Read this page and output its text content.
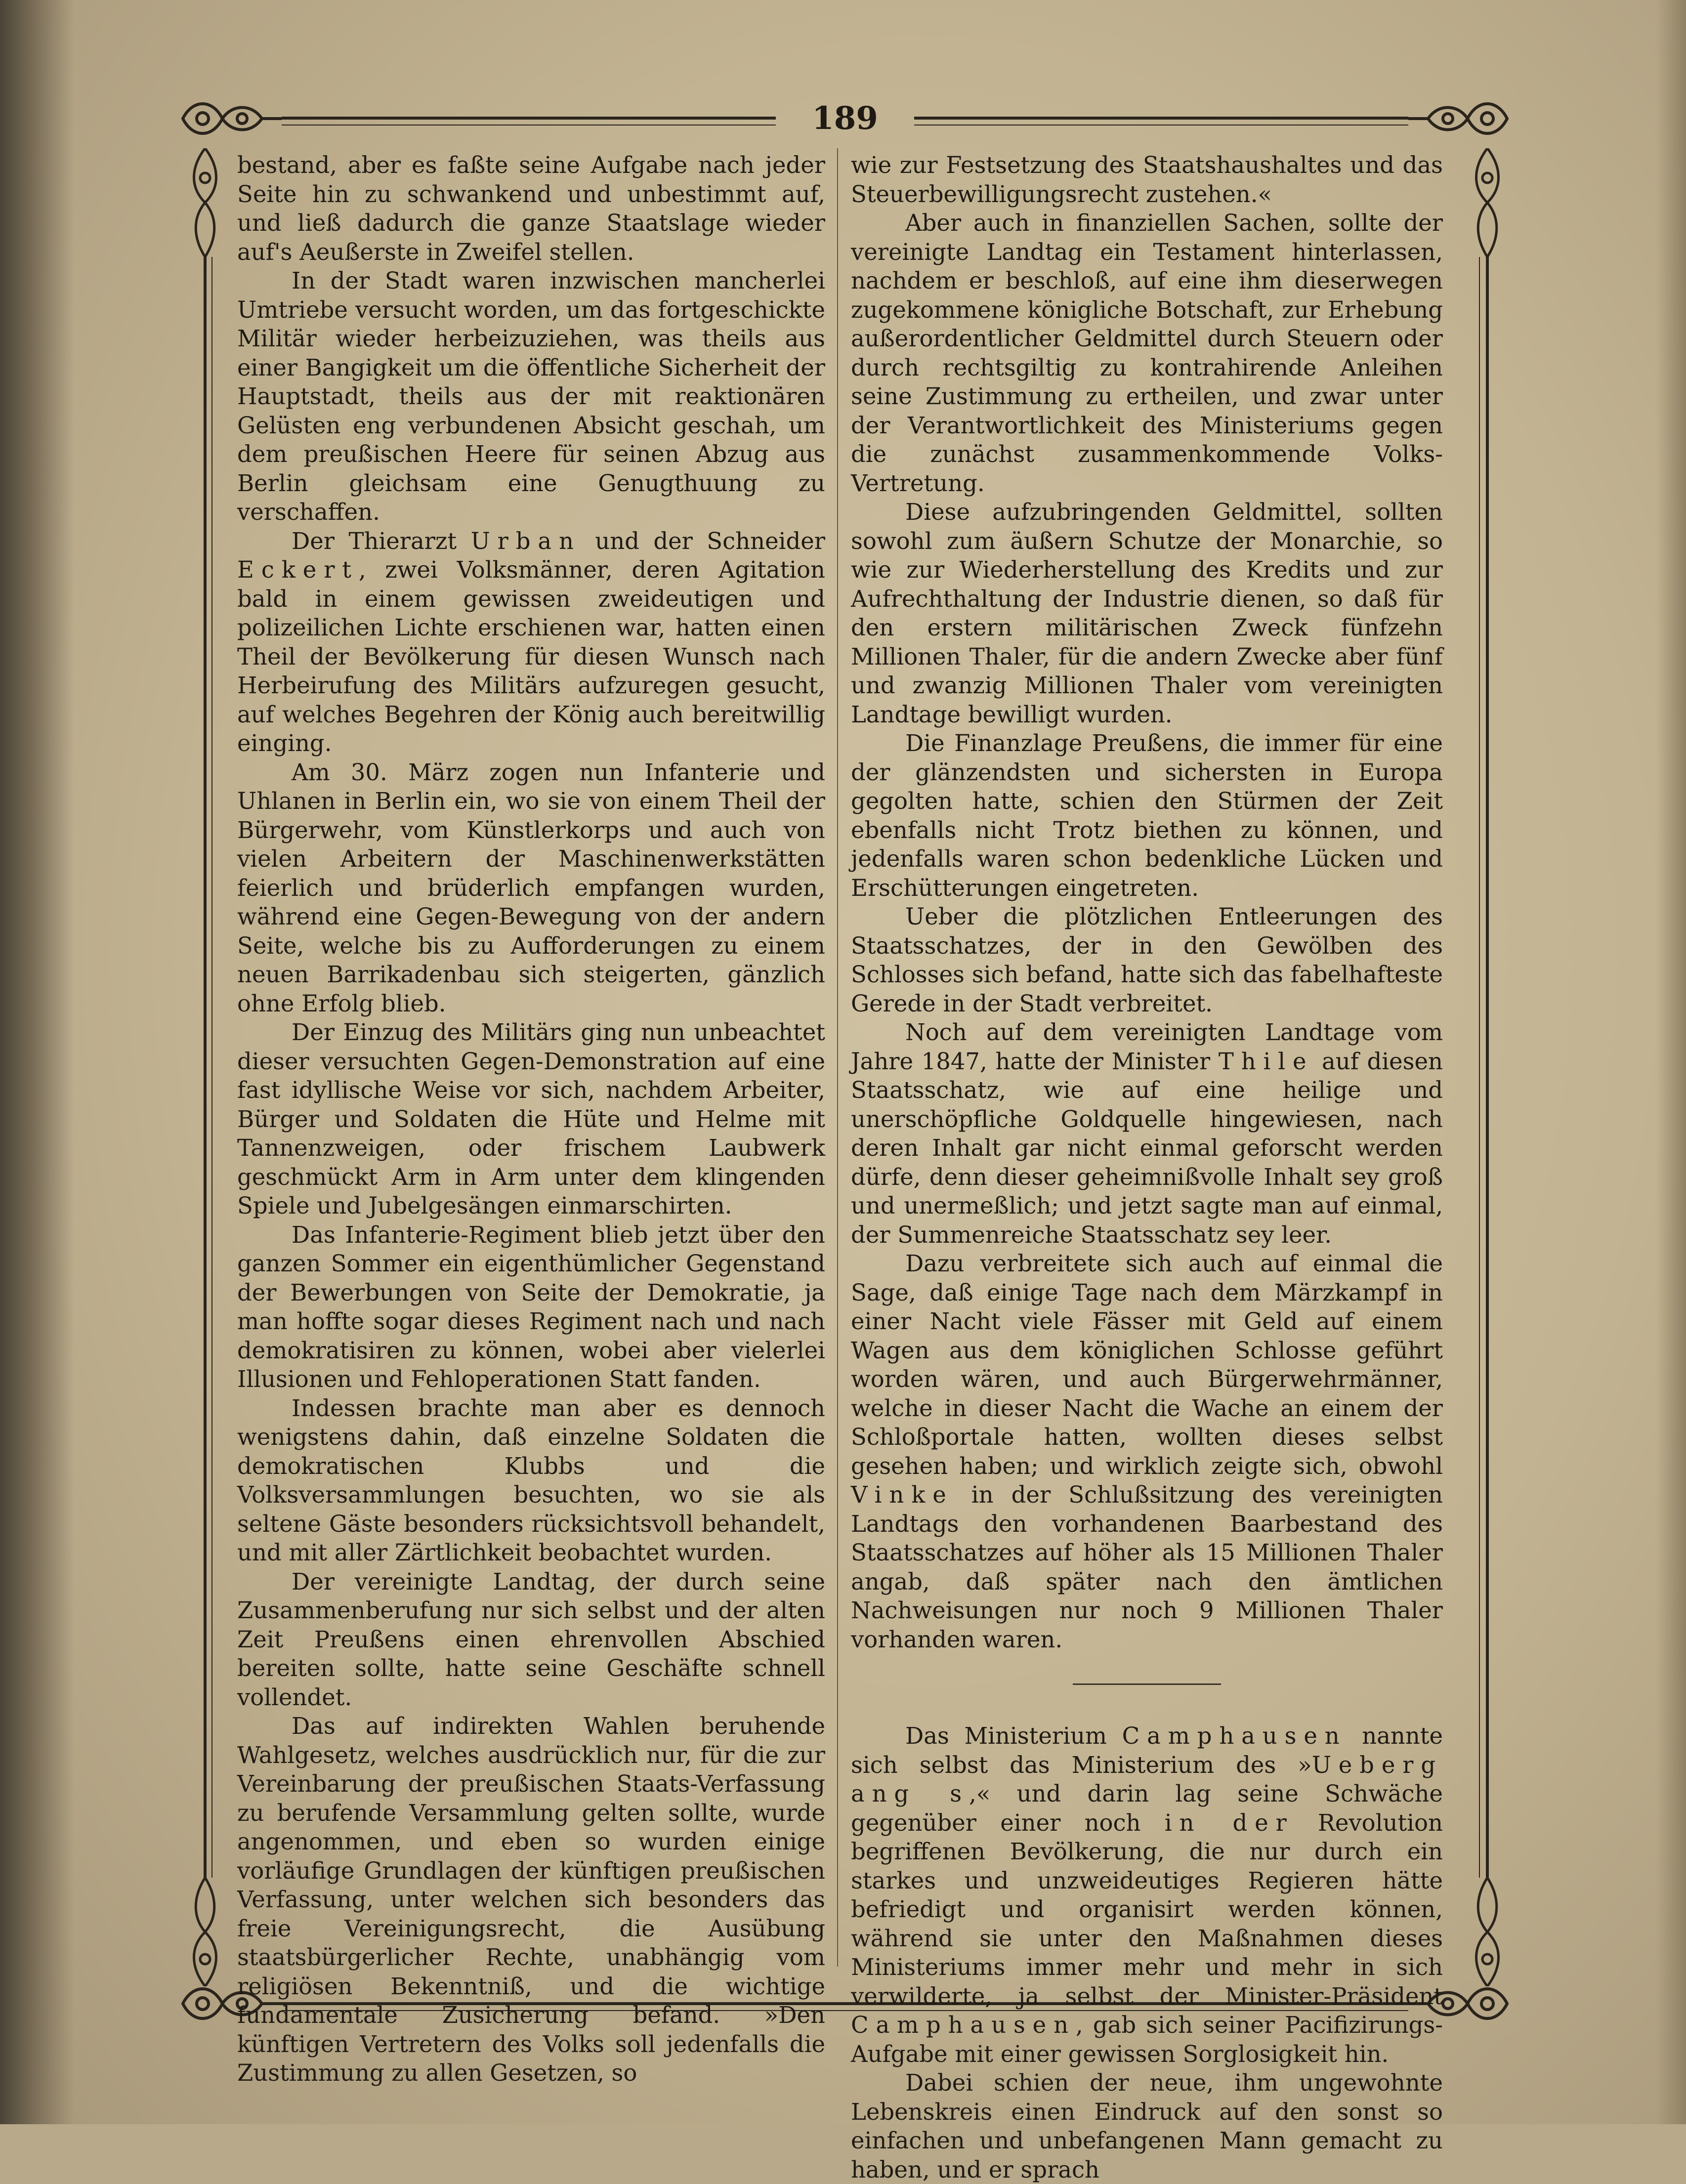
189

bestand, aber es faßte seine Aufgabe nach jeder Seite hin zu schwankend und unbestimmt auf, und ließ dadurch die ganze Staatslage wieder auf's Aeußerste in Zweifel stellen.

In der Stadt waren inzwischen mancherlei Umtriebe versucht worden, um das fortgeschickte Militär wieder herbeizuziehen, was theils aus einer Bangigkeit um die öffentliche Sicherheit der Hauptstadt, theils aus der mit reaktionären Gelüsten eng verbundenen Absicht geschah, um dem preußischen Heere für seinen Abzug aus Berlin gleichsam eine Genugthuung zu verschaffen.

Der Thierarzt Urban und der Schneider Eckert, zwei Volksmänner, deren Agitation bald in einem gewissen zweideutigen und polizeilichen Lichte erschienen war, hatten einen Theil der Bevölkerung für diesen Wunsch nach Herbeirufung des Militärs aufzuregen gesucht, auf welches Begehren der König auch bereitwillig einging.

Am 30. März zogen nun Infanterie und Uhlanen in Berlin ein, wo sie von einem Theil der Bürgerwehr, vom Künstlerkorps und auch von vielen Arbeitern der Maschinenwerkstätten feierlich und brüderlich empfangen wurden, während eine Gegen-Bewegung von der andern Seite, welche bis zu Aufforderungen zu einem neuen Barrikadenbau sich steigerten, gänzlich ohne Erfolg blieb.

Der Einzug des Militärs ging nun unbeachtet dieser versuchten Gegen-Demonstration auf eine fast idyllische Weise vor sich, nachdem Arbeiter, Bürger und Soldaten die Hüte und Helme mit Tannenzweigen, oder frischem Laubwerk geschmückt Arm in Arm unter dem klingenden Spiele und Jubelgesängen einmarschirten.

Das Infanterie-Regiment blieb jetzt über den ganzen Sommer ein eigenthümlicher Gegenstand der Bewerbungen von Seite der Demokratie, ja man hoffte sogar dieses Regiment nach und nach demokratisiren zu können, wobei aber vielerlei Illusionen und Fehloperationen Statt fanden.

Indessen brachte man aber es dennoch wenigstens dahin, daß einzelne Soldaten die demokratischen Klubbs und die Volksversammlungen besuchten, wo sie als seltene Gäste besonders rücksichtsvoll behandelt, und mit aller Zärtlichkeit beobachtet wurden.

Der vereinigte Landtag, der durch seine Zusammenberufung nur sich selbst und der alten Zeit Preußens einen ehrenvollen Abschied bereiten sollte, hatte seine Geschäfte schnell vollendet.

Das auf indirekten Wahlen beruhende Wahlgesetz, welches ausdrücklich nur, für die zur Vereinbarung der preußischen Staats-Verfassung zu berufende Versammlung gelten sollte, wurde angenommen, und eben so wurden einige vorläufige Grundlagen der künftigen preußischen Verfassung, unter welchen sich besonders das freie Vereinigungsrecht, die Ausübung staatsbürgerlicher Rechte, unabhängig vom religiösen Bekenntniß, und die wichtige fundamentale Zusicherung befand. »Den künftigen Vertretern des Volks soll jedenfalls die Zustimmung zu allen Gesetzen, so

wie zur Festsetzung des Staatshaushaltes und das Steuerbewilligungsrecht zustehen.«

Aber auch in finanziellen Sachen, sollte der vereinigte Landtag ein Testament hinterlassen, nachdem er beschloß, auf eine ihm dieserwegen zugekommene königliche Botschaft, zur Erhebung außerordentlicher Geldmittel durch Steuern oder durch rechtsgiltig zu kontrahirende Anleihen seine Zustimmung zu ertheilen, und zwar unter der Verantwortlichkeit des Ministeriums gegen die zunächst zusammenkommende Volks-Vertretung.

Diese aufzubringenden Geldmittel, sollten sowohl zum äußern Schutze der Monarchie, so wie zur Wiederherstellung des Kredits und zur Aufrechthaltung der Industrie dienen, so daß für den erstern militärischen Zweck fünfzehn Millionen Thaler, für die andern Zwecke aber fünf und zwanzig Millionen Thaler vom vereinigten Landtage bewilligt wurden.

Die Finanzlage Preußens, die immer für eine der glänzendsten und sichersten in Europa gegolten hatte, schien den Stürmen der Zeit ebenfalls nicht Trotz biethen zu können, und jedenfalls waren schon bedenkliche Lücken und Erschütterungen eingetreten.

Ueber die plötzlichen Entleerungen des Staatsschatzes, der in den Gewölben des Schlosses sich befand, hatte sich das fabelhafteste Gerede in der Stadt verbreitet.

Noch auf dem vereinigten Landtage vom Jahre 1847, hatte der Minister Thile auf diesen Staatsschatz, wie auf eine heilige und unerschöpfliche Goldquelle hingewiesen, nach deren Inhalt gar nicht einmal geforscht werden dürfe, denn dieser geheimnißvolle Inhalt sey groß und unermeßlich; und jetzt sagte man auf einmal, der Summenreiche Staatsschatz sey leer.

Dazu verbreitete sich auch auf einmal die Sage, daß einige Tage nach dem Märzkampf in einer Nacht viele Fässer mit Geld auf einem Wagen aus dem königlichen Schlosse geführt worden wären, und auch Bürgerwehrmänner, welche in dieser Nacht die Wache an einem der Schloßportale hatten, wollten dieses selbst gesehen haben; und wirklich zeigte sich, obwohl Vinke in der Schlußsitzung des vereinigten Landtags den vorhandenen Baarbestand des Staatsschatzes auf höher als 15 Millionen Thaler angab, daß später nach den ämtlichen Nachweisungen nur noch 9 Millionen Thaler vorhanden waren.

Das Ministerium Camphausen nannte sich selbst das Ministerium des »Ueberg ang s,« und darin lag seine Schwäche gegenüber einer noch in der Revolution begriffenen Bevölkerung, die nur durch ein starkes und unzweideutiges Regieren hätte befriedigt und organisirt werden können, während sie unter den Maßnahmen dieses Ministeriums immer mehr und mehr in sich verwilderte, ja selbst der Minister-Präsident Camphausen, gab sich seiner Pacifizirungs-Aufgabe mit einer gewissen Sorglosigkeit hin.

Dabei schien der neue, ihm ungewohnte Lebenskreis einen Eindruck auf den sonst so einfachen und unbefangenen Mann gemacht zu haben, und er sprach
